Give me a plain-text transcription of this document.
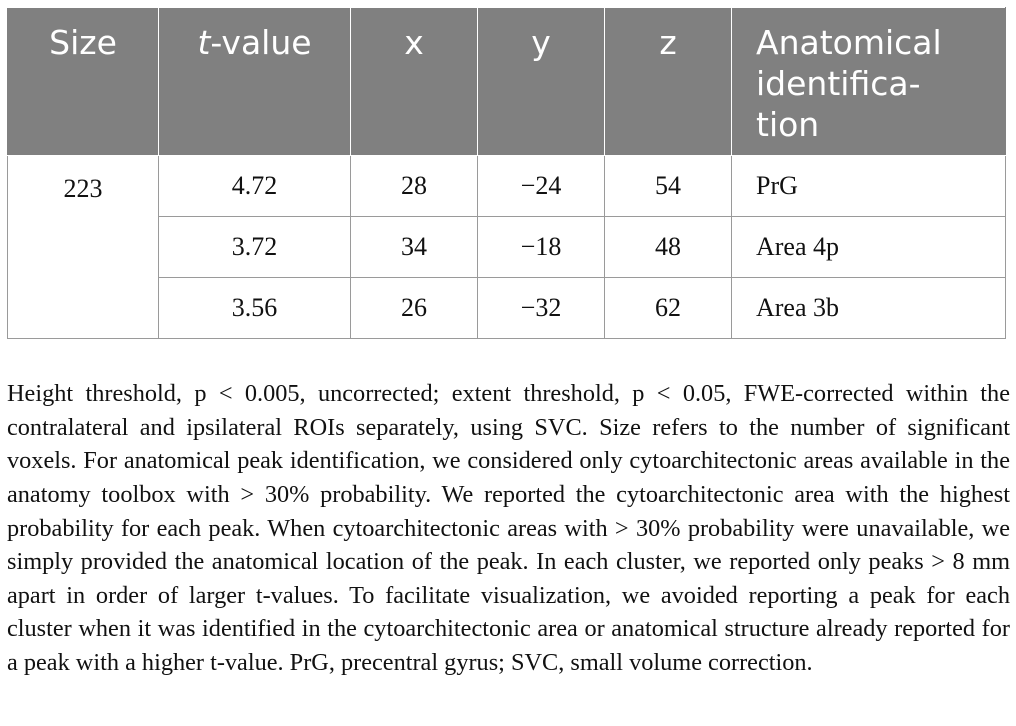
Size	t-value	x	y	z	Anatomical
identifica-
tion
223	4.72	28	−24	54	PrG
	3.72	34	−18	48	Area 4p
	3.56	26	−32	62	Area 3b

Height threshold, p < 0.005, uncorrected; extent threshold, p < 0.05, FWE-corrected within the contralateral and ipsilateral ROIs separately, using SVC. Size refers to the number of significant voxels. For anatomical peak identification, we considered only cytoarchitectonic areas available in the anatomy toolbox with > 30% probability. We reported the cytoarchitectonic area with the highest probability for each peak. When cytoarchitectonic areas with > 30% probability were unavailable, we simply provided the anatomical location of the peak. In each cluster, we reported only peaks > 8 mm apart in order of larger t-values. To facilitate visualization, we avoided reporting a peak for each cluster when it was identified in the cytoarchitectonic area or anatomical structure already reported for a peak with a higher t-value. PrG, precentral gyrus; SVC, small volume correction.
